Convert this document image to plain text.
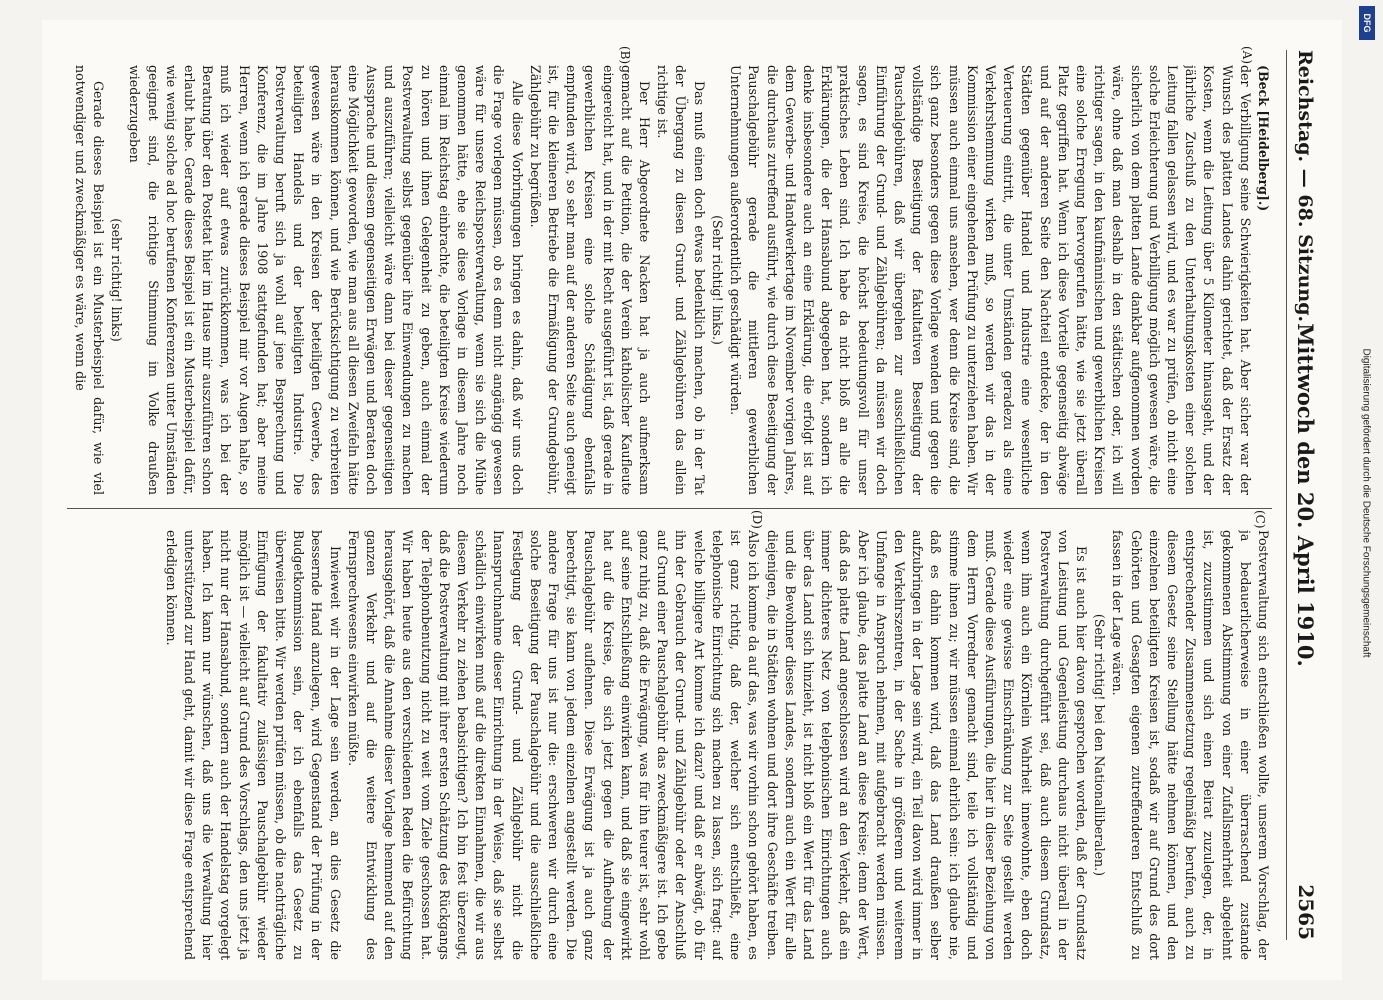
Reichstag. — 68. Sitzung.
Mittwoch den 20. April 1910.
2565
(A)
(B)
(C)
(D)

(Beck [Heidelberg].)

der Verbilligung seine Schwierigkeiten hat. Aber sicher war der Wunsch des platten Landes dahin gerichtet, daß der Ersatz der Kosten, wenn die Leitung über 5 Kilometer hinausgeht, und der jährliche Zuschuß zu den Unterhaltungskosten einer solchen Leitung fallen gelassen wird, und es war zu prüfen, ob nicht eine solche Erleichterung und Verbilligung möglich gewesen wäre, die sicherlich von dem platten Lande dankbar aufgenommen worden wäre, ohne daß man deshalb in den städtischen oder, ich will richtiger sagen, in den kaufmännischen und gewerblichen Kreisen eine solche Erregung hervorgerufen hätte, wie sie jetzt überall Platz gegriffen hat. Wenn ich diese Vorteile gegenseitig abwäge und auf der anderen Seite den Nachteil entdecke, der in den Städten gegenüber Handel und Industrie eine wesentliche Verteuerung eintritt, die unter Umständen geradezu als eine Verkehrshemmung wirken muß, so werden wir das in der Kommission einer eingehenden Prüfung zu unterziehen haben. Wir müssen auch einmal uns ansehen, wer denn die Kreise sind, die sich ganz besonders gegen diese Vorlage wenden und gegen die vollständige Beseitigung der fakultativen Beseitigung der Pauschalgebühren, daß wir übergehen zur ausschließlichen Einführung der Grund- und Zählgebühren; da müssen wir doch sagen, es sind Kreise, die höchst bedeutungsvoll für unser praktisches Leben sind. Ich habe da nicht bloß an alle die Erklärungen, die der Hansabund abgegeben hat, sondern ich denke insbesondere auch an eine Erklärung, die erfolgt ist auf dem Gewerbe- und Handwerkertage im November vorigen Jahres, die durchaus zutreffend ausführt, wie durch diese Beseitigung der Pauschalgebühr gerade die mittleren gewerblichen Unternehmungen außerordentlich geschädigt würden.

(Sehr richtig! links.)

Das muß einen doch etwas bedenklich machen, ob in der Tat der Übergang zu diesen Grund- und Zählgebühren das allein richtige ist.

Der Herr Abgeordnete Nacken hat ja auch aufmerksam gemacht auf die Petition, die der Verein katholischer Kaufleute eingereicht hat, und in der mit Recht ausgeführt ist, daß gerade in gewerblichen Kreisen eine solche Schädigung ebenfalls empfunden wird, so sehr man auf der anderen Seite auch geneigt ist, für die kleineren Betriebe die Ermäßigung der Grundgebühr, Zählgebühr zu begrüßen.

Alle diese Vorbringungen bringen es dahin, daß wir uns doch die Frage vorlegen müssen, ob es denn nicht angängig gewesen wäre für unsere Reichspostverwaltung, wenn sie sich die Mühe genommen hätte, ehe sie diese Vorlage in diesem Jahre noch einmal im Reichstag einbrachte, die beteiligten Kreise wiederum zu hören und ihnen Gelegenheit zu geben, auch einmal der Postverwaltung selbst gegenüber ihre Einwendungen zu machen und auszuführen; vielleicht wäre dann bei dieser gegenseitigen Aussprache und diesem gegenseitigen Erwägen und Beraten doch eine Möglichkeit geworden, wie man aus all diesen Zweifeln hätte herauskommen können, und wie Berücksichtigung zu verbreiten gewesen wäre in den Kreisen der beteiligten Gewerbe, des beteiligten Handels und der beteiligten Industrie. Die Postverwaltung beruft sich ja wohl auf jene Besprechung und Konferenz, die im Jahre 1908 stattgefunden hat; aber meine Herren, wenn ich gerade dieses Beispiel mir vor Augen halte, so muß ich wieder auf etwas zurückkommen, was ich bei der Beratung über den Postetat hier im Hause mir auszuführen schon erlaubt habe. Gerade dieses Beispiel ist ein Musterbeispiel dafür, wie wenig solche ad hoc berufenen Konferenzen unter Umständen geeignet sind, die richtige Stimmung im Volke draußen wiederzugeben

(sehr richtig! links)

Gerade dieses Beispiel ist ein Musterbeispiel dafür, wie viel notwendiger und zweckmäßiger es wäre, wenn die

Postverwaltung sich entschließen wollte, unserem Vorschlag, der ja bedauerlicherweise in einer überraschend zustande gekommenen Abstimmung von einer Zufallsmehrheit abgelehnt ist, zuzustimmen und sich einen Beirat zuzulegen, der, in entsprechender Zusammensetzung regelmäßig berufen, auch zu diesem Gesetz seine Stellung hätte nehmen können, und den einzelnen beteiligten Kreisen ist, sodaß wir auf Grund des dort Gehörten und Gesagten eigenen zutreffenderen Entschluß zu fassen in der Lage wären.

(Sehr richtig! bei den Nationalliberalen.)

Es ist auch hier davon gesprochen worden, daß der Grundsatz von Leistung und Gegenleistung durchaus nicht überall in der Postverwaltung durchgeführt sei, daß auch diesem Grundsatz, wenn ihm auch ein Körnlein Wahrheit innewohnte, eben doch wieder eine gewisse Einschränkung zur Seite gestellt werden muß. Gerade diese Ausführungen, die hier in dieser Beziehung von dem Herrn Vorredner gemacht sind, teile ich vollständig und stimme ihnen zu; wir müssen einmal ehrlich sein: ich glaube nie, daß es dahin kommen wird, daß das Land draußen selber aufzubringen in der Lage sein wird, ein Teil davon wird immer in den Verkehrszentren, in der Sache in größerem und weiterem Umfange in Anspruch nehmen, mit aufgebracht werden müssen. Aber ich glaube, das platte Land an diese Kreise; denn der Wert, daß das platte Land angeschlossen wird an den Verkehr, daß ein immer dichteres Netz von telephonischen Einrichtungen auch über das Land sich hinzieht, ist nicht bloß ein Wert für das Land und die Bewohner dieses Landes, sondern auch ein Wert für alle diejenigen, die in Städten wohnen und dort ihre Geschäfte treiben. Also ich komme da auf das, was wir vorhin schon gehört haben, es ist ganz richtig, daß der, welcher sich entschließt, eine telephonische Einrichtung sich machen zu lassen, sich fragt: auf welche billigere Art komme ich dazu? und daß er abwägt, ob für ihn der Gebrauch der Grund- und Zählgebühr oder der Anschluß auf Grund einer Pauschalgebühr das zweckmäßigere ist. Ich gebe ganz ruhig zu, daß die Erwägung, was für ihn teurer ist, sehr wohl auf seine Entschließung einwirken kann, und daß sie eingewirkt hat auf die Kreise, die sich jetzt gegen die Aufhebung der Pauschalgebühr auflehnen. Diese Erwägung ist ja auch ganz berechtigt, sie kann von jedem einzelnen angestellt werden. Die andere Frage für uns ist nur die: erschweren wir durch eine solche Beseitigung der Pauschalgebühr und die ausschließliche Festlegung der Grund- und Zählgebühr nicht die Inanspruchnahme dieser Einrichtung in der Weise, daß sie selbst schädlich einwirken muß auf die direkten Einnahmen, die wir aus diesem Verkehr zu ziehen beabsichtigen? Ich bin fest überzeugt, daß die Postverwaltung mit ihrer ersten Schätzung des Rückgangs der Telephonbenutzung nicht zu weit vom Ziele geschossen hat. Wir haben heute aus den verschiedenen Reden die Befürchtung herausgehört, daß die Annahme dieser Vorlage hemmend auf den ganzen Verkehr und auf die weitere Entwicklung des Fernsprechwesens einwirken müßte.

Inwieweit wir in der Lage sein werden, an dies Gesetz die bessernde Hand anzulegen, wird Gegenstand der Prüfung in der Budgetkommission sein, der ich ebenfalls das Gesetz zu überweisen bitte. Wir werden prüfen müssen, ob die nachträgliche Einfügung der fakultativ zulässigen Pauschalgebühr wieder möglich ist — vielleicht auf Grund des Vorschlags, den uns jetzt ja nicht nur der Hansabund, sondern auch der Handelstag vorgelegt haben. Ich kann nur wünschen, daß uns die Verwaltung hier unterstützend zur Hand geht, damit wir diese Frage entsprechend erledigen können.	Digitalisierung gefördert durch die Deutsche Forschungsgemeinschaft
DFG
